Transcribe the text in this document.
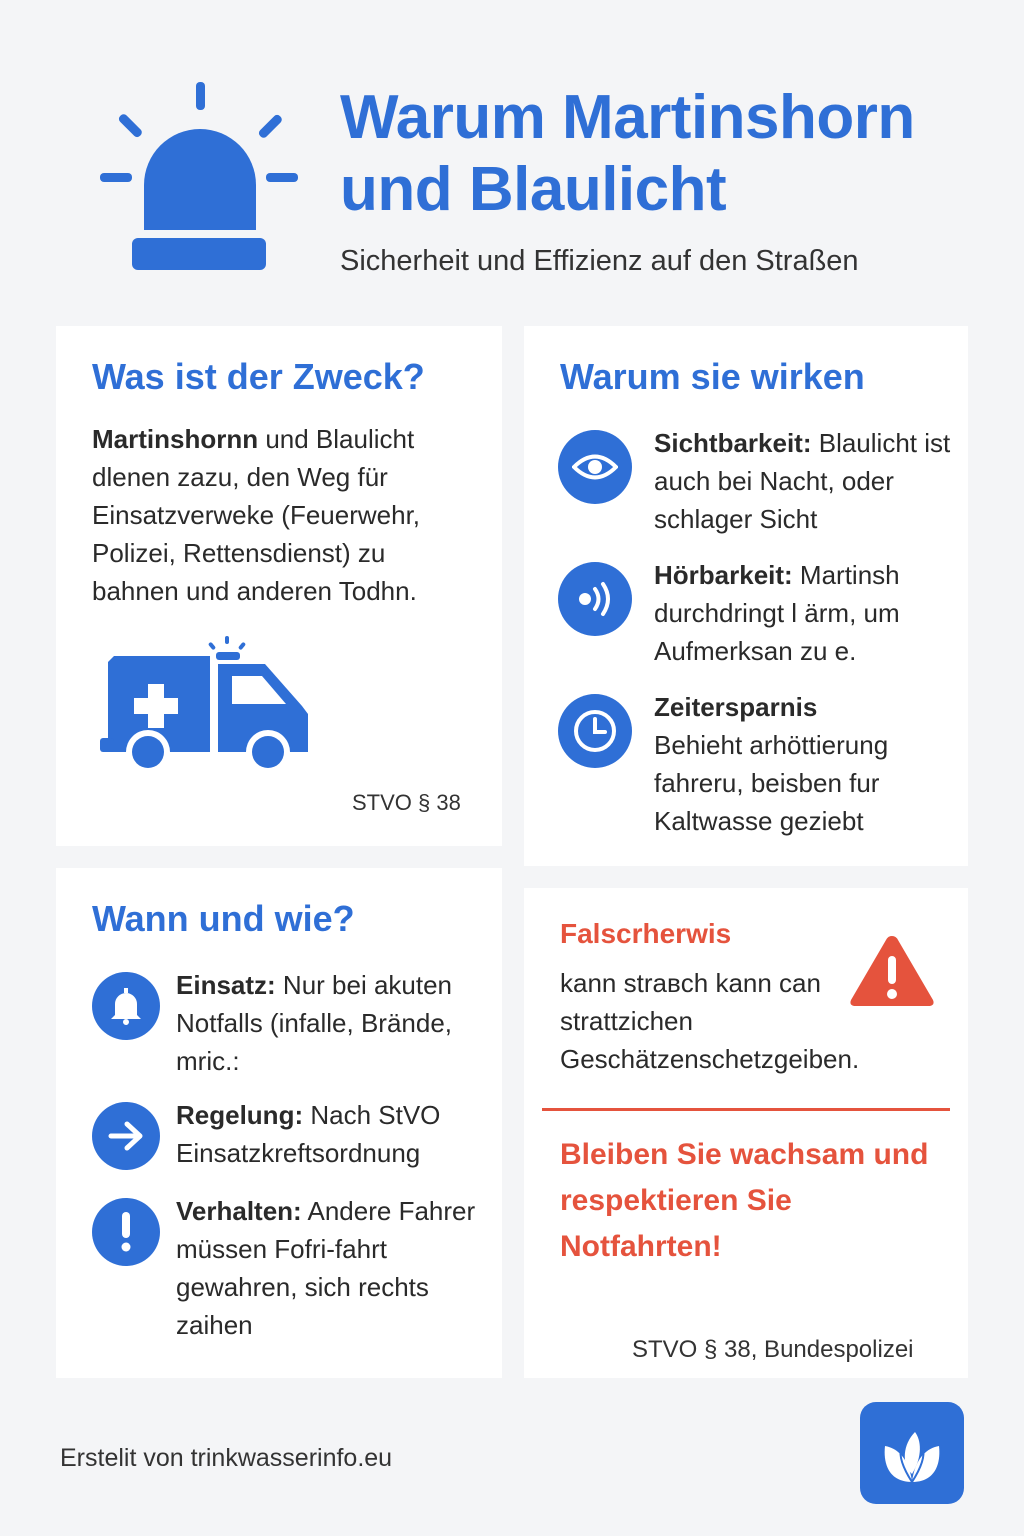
Warum Martinshorn
und Blaulicht
Sicherheit und Effizienz auf den Straßen
Was ist der Zweck?
Martinshornn und Blaulicht dlenen zazu, den Weg für Einsatzverweke (Feuerwehr, Polizei, Rettensdienst) zu bahnen und anderen Todhn.
STVO § 38
Warum sie wirken
Sichtbarkeit: Blaulicht ist auch bei Nacht, oder schlager Sicht
Hörbarkeit: Martinsh durchdringt l ärm, um Aufmerksan zu e.
Zeitersparnis
Behieht arhöttierung fahreru, beisben fur Kaltwasse geziebt
Wann und wie?
Einsatz: Nur bei akuten Notfalls (infalle, Brände, mric.:
Regelung: Nach StVO Einsatzkreftsordnung
Verhalten: Andere Fahrer müssen Fofri-fahrt gewahren, sich rechts zaihen
Falscrherwis
kann straвch kann can strattzichen Geschätzenschetzgeiben.
Bleiben Sie wachsam und respektieren Sie Notfahrten!
STVO § 38, Bundespolizei
Erstelit von trinkwasserinfo.eu
